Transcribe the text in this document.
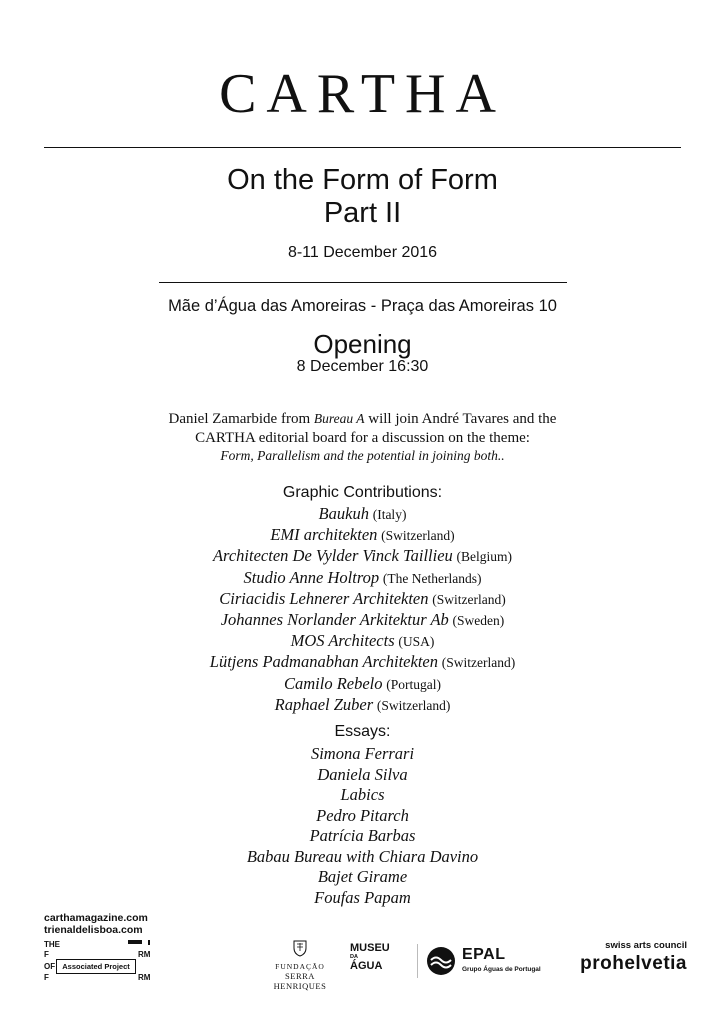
CARTHA
On the Form of Form
Part II
8-11 December 2016
Mãe d’Água das Amoreiras - Praça das Amoreiras 10
Opening
8 December 16:30
Daniel Zamarbide from Bureau A will join André Tavares and the
CARTHA editorial board for a discussion on the theme:
Form, Parallelism and the potential in joining both..
Graphic Contributions:
Baukuh (Italy)
EMI architekten (Switzerland)
Architecten De Vylder Vinck Taillieu (Belgium)
Studio Anne Holtrop (The Netherlands)
Ciriacidis Lehnerer Architekten (Switzerland)
Johannes Norlander Arkitektur Ab (Sweden)
MOS Architects (USA)
Lütjens Padmanabhan Architekten (Switzerland)
Camilo Rebelo (Portugal)
Raphael Zuber (Switzerland)
Essays:
Simona Ferrari
Daniela Silva
Labics
Pedro Pitarch
Patrícia Barbas
Babau Bureau with Chiara Davino
Bajet Girame
Foufas Papam
carthamagazine.com
trienaldelisboa.com
THE
F
OF
F
RM
RM
Associated Project	FUNDAÇÃO
SERRA HENRIQUES
MUSEU
DA
ÁGUA
EPAL
Grupo Águas de Portugal
swiss arts council
prohelvetia
